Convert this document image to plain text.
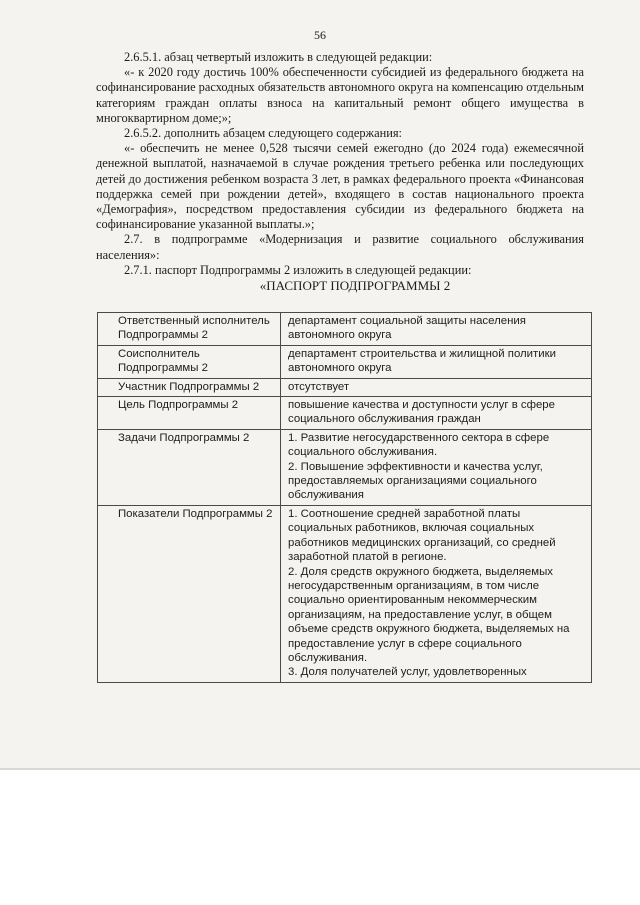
56

2.6.5.1. абзац четвертый изложить в следующей редакции:

«- к 2020 году достичь 100% обеспеченности субсидией из федерального бюджета на софинансирование расходных обязательств автономного округа на компенсацию отдельным категориям граждан оплаты взноса на капитальный ремонт общего имущества в многоквартирном доме;»;

2.6.5.2. дополнить абзацем следующего содержания:

«- обеспечить не менее 0,528 тысячи семей ежегодно (до 2024 года) ежемесячной денежной выплатой, назначаемой в случае рождения третьего ребенка или последующих детей до достижения ребенком возраста 3 лет, в рамках федерального проекта «Финансовая поддержка семей при рождении детей», входящего в состав национального проекта «Демография», посредством предоставления субсидии из федерального бюджета на софинансирование указанной выплаты.»;

2.7. в подпрограмме «Модернизация и развитие социального обслуживания населения»:

2.7.1. паспорт Подпрограммы 2 изложить в следующей редакции:

«ПАСПОРТ ПОДПРОГРАММЫ 2
Ответственный исполнитель Подпрограммы 2	департамент социальной защиты населения автономного округа

Соисполнитель Подпрограммы 2	департамент строительства и жилищной политики автономного округа

Участник Подпрограммы 2	отсутствует

Цель Подпрограммы 2	повышение качества и доступности услуг в сфере социального обслуживания граждан

Задачи Подпрограммы 2	1. Развитие негосударственного сектора в сфере социального обслуживания.
2. Повышение эффективности и качества услуг, предоставляемых организациями социального обслуживания

Показатели Подпрограммы 2	1. Соотношение средней заработной платы социальных работников, включая социальных работников медицинских организаций, со средней заработной платой в регионе.
2. Доля средств окружного бюджета, выделяемых негосударственным организациям, в том числе социально ориентированным некоммерческим организациям, на предоставление услуг, в общем объеме средств окружного бюджета, выделяемых на предоставление услуг в сфере социального обслуживания.
3. Доля получателей услуг, удовлетворенных
